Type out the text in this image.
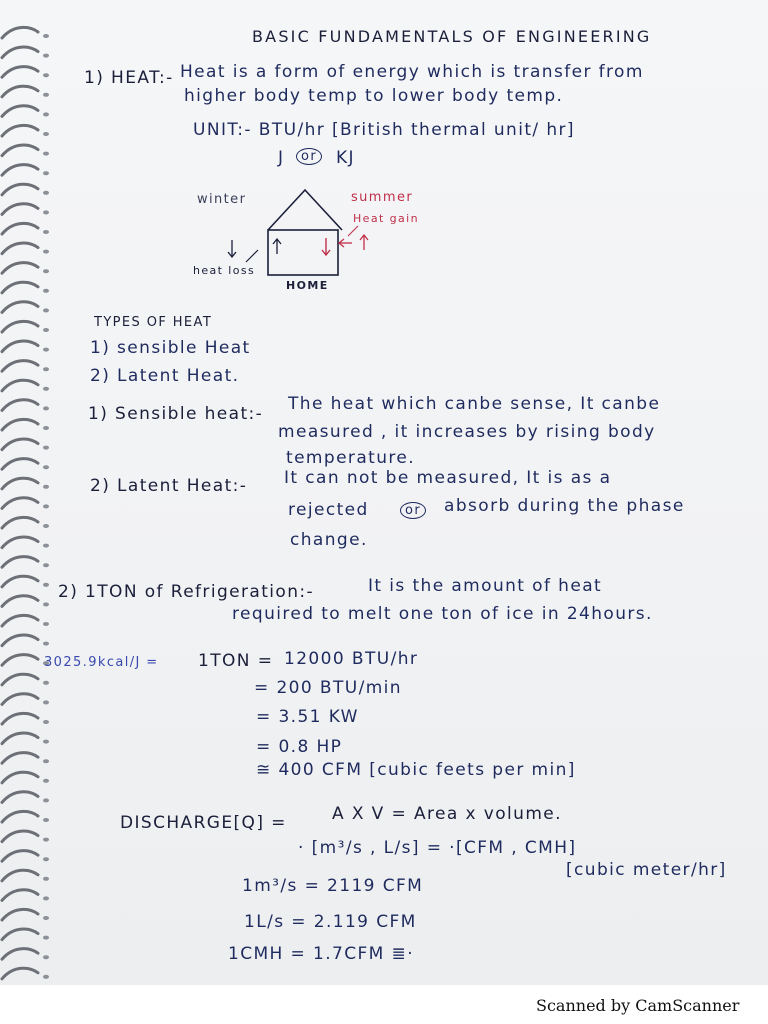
BASIC FUNDAMENTALS OF ENGINEERING
1) HEAT:- Heat is a form of energy which is transfer from
higher body temp to lower body temp.
UNIT:- BTU/hr [British thermal unit/ hr]
J	or KJ
winter	summer
Heat gain
heat loss
HOME
TYPES OF HEAT
1) sensible Heat
2) Latent Heat.
1) Sensible heat:- The heat which canbe sense, It canbe
measured , it increases by rising body
temperature.
2) Latent Heat:- It can not be measured, It is as a
rejected	or absorb during the phase
change.
2) 1TON of Refrigeration:-	It is the amount of heat
required to melt one ton of ice in 24hours.
3025.9kcal/J = 1TON = 12000 BTU/hr
= 200 BTU/min
= 3.51 KW
= 0.8 HP
≅ 400 CFM [cubic feets per min]
DISCHARGE[Q] =	A X V = Area x volume.
· [m³/s , L/s] = ·[CFM , CMH]
[cubic meter/hr]
1m³/s = 2119 CFM
1L/s = 2.119 CFM
1CMH = 1.7CFM ≣·
Scanned by CamScanner
